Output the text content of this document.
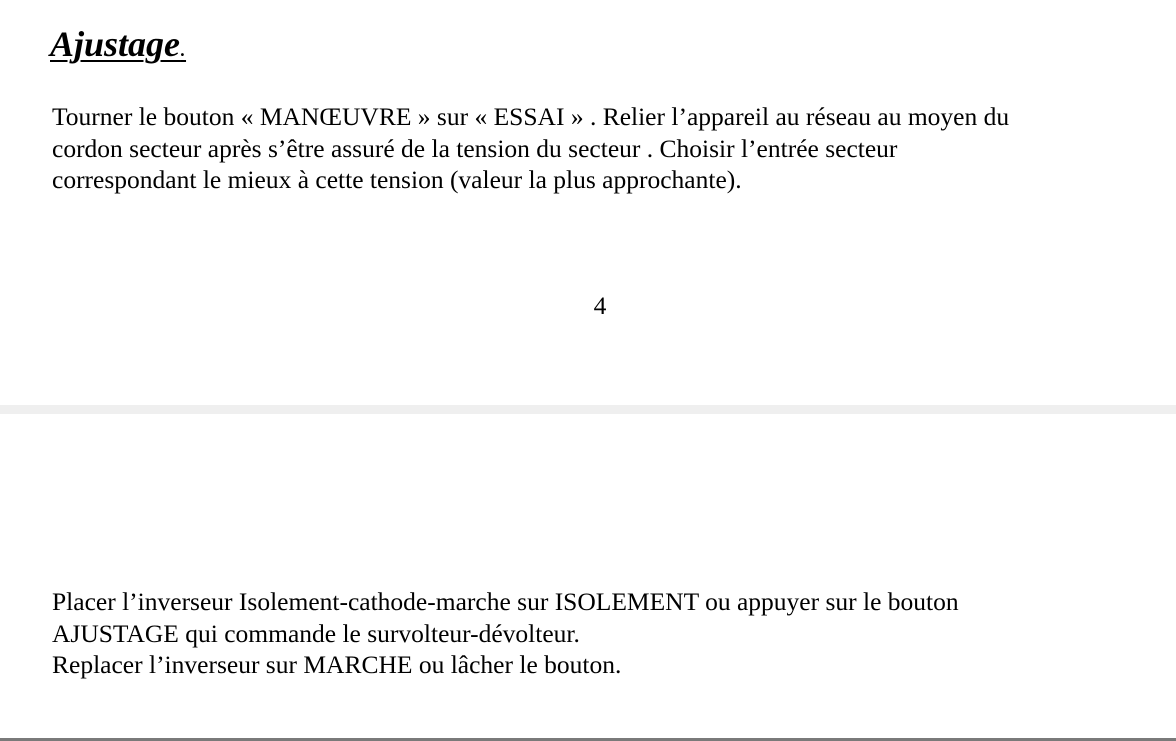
Ajustage.

Tourner le bouton « MANŒUVRE » sur « ESSAI » . Relier l’appareil au réseau au moyen du
cordon secteur après s’être assuré de la tension du secteur . Choisir l’entrée secteur
correspondant le mieux à cette tension (valeur la plus approchante).

4

Placer l’inverseur Isolement-cathode-marche sur ISOLEMENT ou appuyer sur le bouton
AJUSTAGE qui commande le survolteur-dévolteur.
Replacer l’inverseur sur MARCHE ou lâcher le bouton.
